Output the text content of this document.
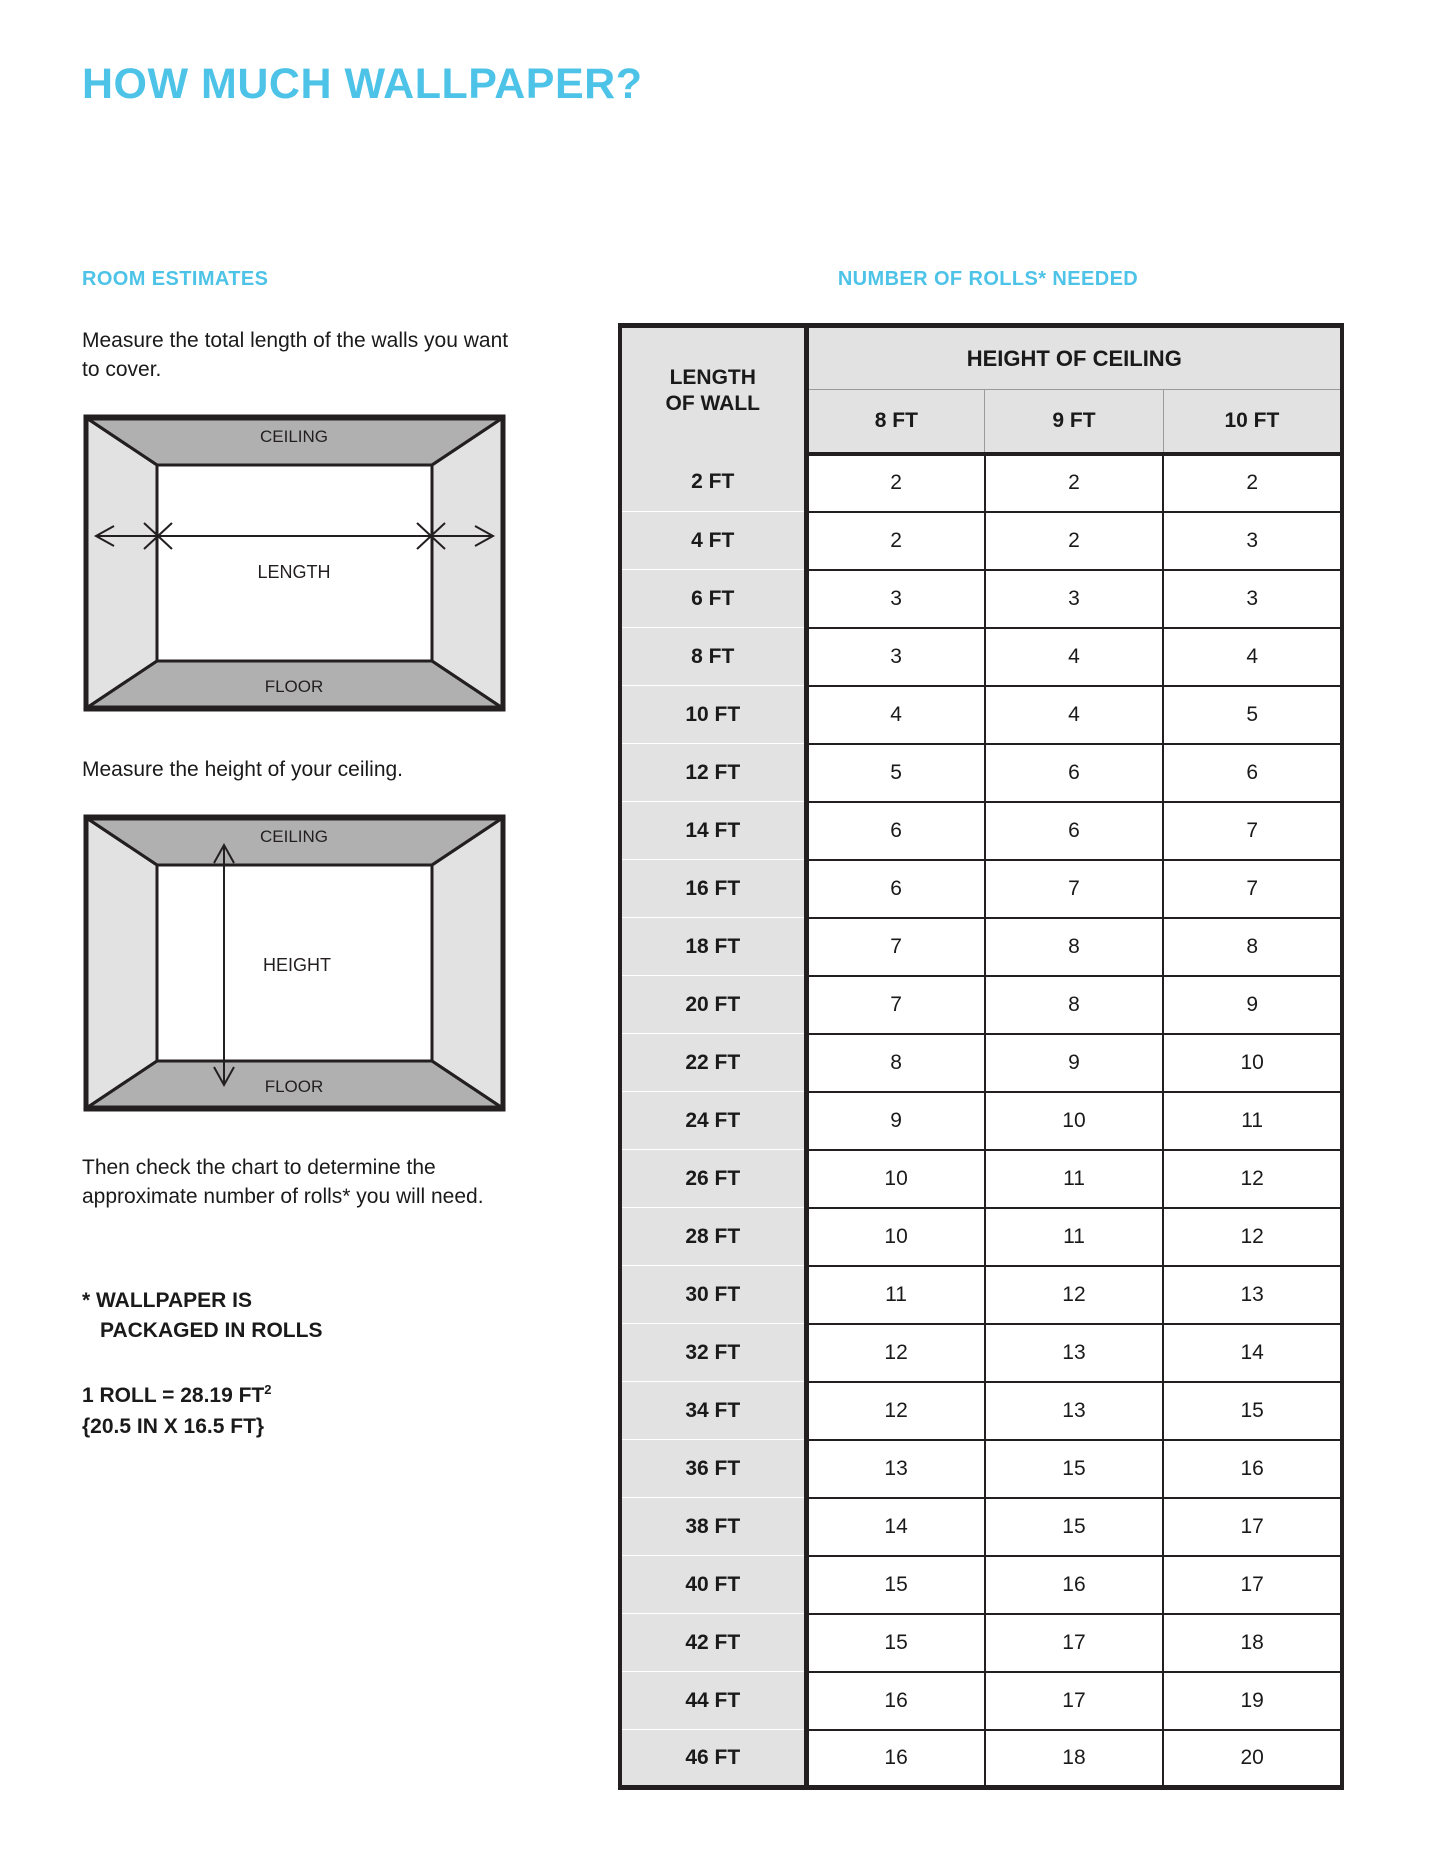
HOW MUCH WALLPAPER?
ROOM ESTIMATES

Measure the total length of the walls you want to cover.

CEILING
FLOOR
LENGTH

Measure the height of your ceiling.

CEILING
FLOOR
HEIGHT

Then check the chart to determine the approximate number of rolls* you will need.

* WALLPAPER IS
PACKAGED IN ROLLS
1 ROLL = 28.19 $FT^2$
{20.5 IN X 16.5 FT}
NUMBER OF ROLLS* NEEDED
LENGTH
OF WALL	HEIGHT OF CEILING		
	8 FT	9 FT	10 FT
2 FT	2	2	2
4 FT	2	2	3
6 FT	3	3	3
8 FT	3	4	4
10 FT	4	4	5
12 FT	5	6	6
14 FT	6	6	7
16 FT	6	7	7
18 FT	7	8	8
20 FT	7	8	9
22 FT	8	9	10
24 FT	9	10	11
26 FT	10	11	12
28 FT	10	11	12
30 FT	11	12	13
32 FT	12	13	14
34 FT	12	13	15
36 FT	13	15	16
38 FT	14	15	17
40 FT	15	16	17
42 FT	15	17	18
44 FT	16	17	19
46 FT	16	18	20
